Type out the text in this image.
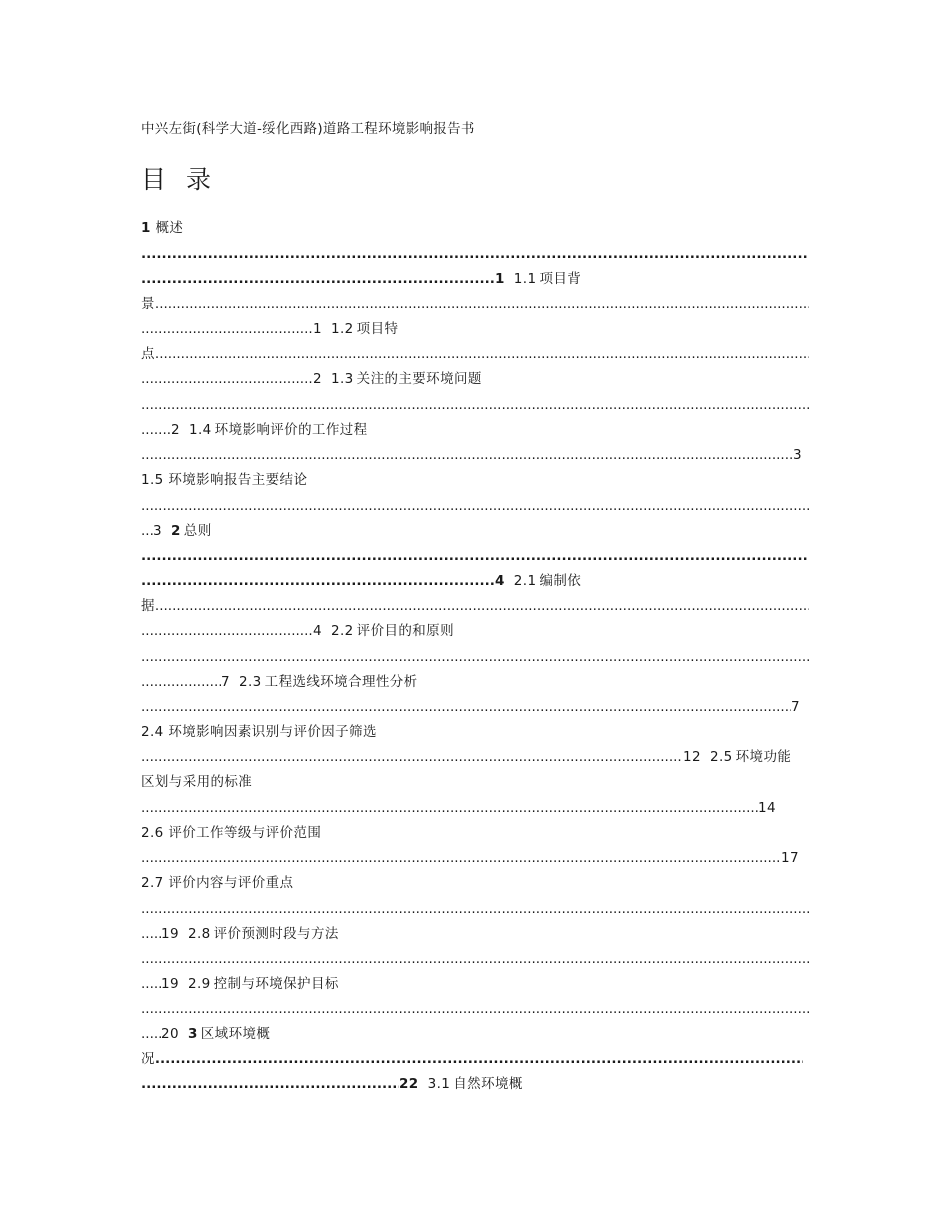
中兴左街(科学大道-绥化西路)道路工程环境影响报告书
目 录
1 概述
.....
.....1 1.1 项目背
景.....
.....1 1.2 项目特
点.....
.....2 1.3 关注的主要环境问题
.....
.....2 1.4 环境影响评价的工作过程
.....3
1.5 环境影响报告主要结论
.....
.....3 2 总则
.....
.....4 2.1 编制依
据.....
.....4 2.2 评价目的和原则
.....
.....7 2.3 工程选线环境合理性分析
.....7
2.4 环境影响因素识别与评价因子筛选
.....12 2.5 环境功能
区划与采用的标准
.....14
2.6 评价工作等级与评价范围
.....17
2.7 评价内容与评价重点
.....
.....19 2.8 评价预测时段与方法
.....
.....19 2.9 控制与环境保护目标
.....
.....20 3 区域环境概
况.....
.....22 3.1 自然环境概
